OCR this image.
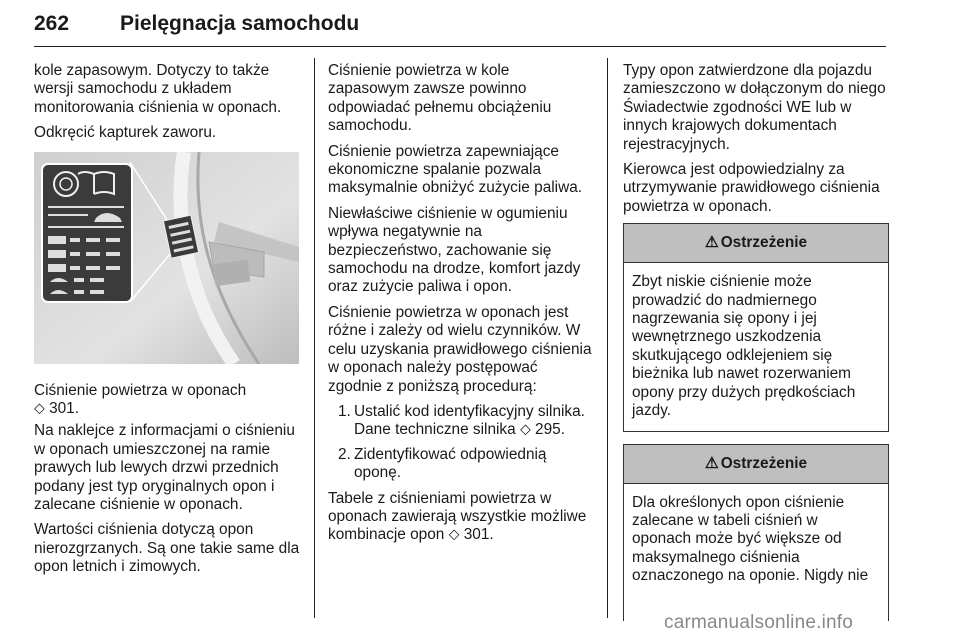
262 Pielęgnacja samochodu

kole zapasowym. Dotyczy to także wersji samochodu z układem monitorowania ciśnienia w oponach.

Odkręcić kapturek zaworu.

Ciśnienie powietrza w oponach
⬦ 301.

Na naklejce z informacjami o ciśnieniu w oponach umieszczonej na ramie prawych lub lewych drzwi przednich podany jest typ oryginalnych opon i zalecane ciśnienie w oponach.

Wartości ciśnienia dotyczą opon nierozgrzanych. Są one takie same dla opon letnich i zimowych.

Ciśnienie powietrza w kole zapasowym zawsze powinno odpowiadać pełnemu obciążeniu samochodu.

Ciśnienie powietrza zapewniające ekonomiczne spalanie pozwala maksymalnie obniżyć zużycie paliwa.

Niewłaściwe ciśnienie w ogumieniu wpływa negatywnie na bezpieczeństwo, zachowanie się samochodu na drodze, komfort jazdy oraz zużycie paliwa i opon.

Ciśnienie powietrza w oponach jest różne i zależy od wielu czynników. W celu uzyskania prawidłowego ciśnienia w oponach należy postępować zgodnie z poniższą procedurą:

1. Ustalić kod identyfikacyjny silnika. Dane techniczne silnika ⬦ 295.
2. Zidentyfikować odpowiednią oponę.

Tabele z ciśnieniami powietrza w oponach zawierają wszystkie możliwe kombinacje opon ⬦ 301.

Typy opon zatwierdzone dla pojazdu zamieszczono w dołączonym do niego Świadectwie zgodności WE lub w innych krajowych dokumentach rejestracyjnych.

Kierowca jest odpowiedzialny za utrzymywanie prawidłowego ciśnienia powietrza w oponach.

⚠ Ostrzeżenie
Zbyt niskie ciśnienie może prowadzić do nadmiernego nagrzewania się opony i jej wewnętrznego uszkodzenia skutkującego odklejeniem się bieżnika lub nawet rozerwaniem opony przy dużych prędkościach jazdy.
⚠ Ostrzeżenie
Dla określonych opon ciśnienie zalecane w tabeli ciśnień w oponach może być większe od maksymalnego ciśnienia oznaczonego na oponie. Nigdy nie
carmanualsonline.info
